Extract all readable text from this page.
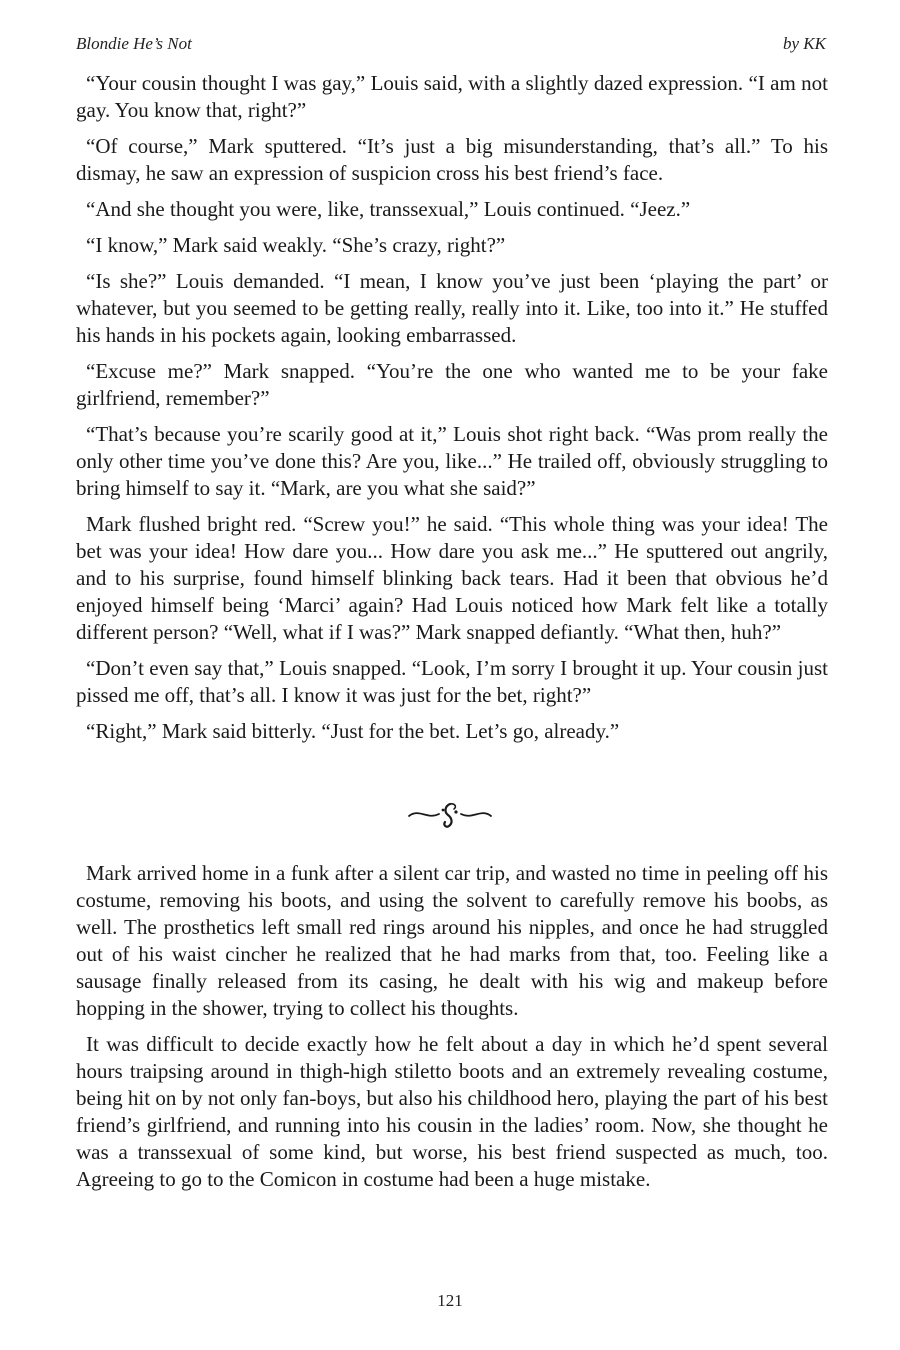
Blondie He’s Not	by KK

“Your cousin thought I was gay,” Louis said, with a slightly dazed expression. “I am not gay. You know that, right?”

“Of course,” Mark sputtered. “It’s just a big misunderstanding, that’s all.” To his dismay, he saw an expression of suspicion cross his best friend’s face.

“And she thought you were, like, transsexual,” Louis continued. “Jeez.”

“I know,” Mark said weakly. “She’s crazy, right?”

“Is she?” Louis demanded. “I mean, I know you’ve just been ‘playing the part’ or whatever, but you seemed to be getting really, really into it. Like, too into it.” He stuffed his hands in his pockets again, looking embarrassed.

“Excuse me?” Mark snapped. “You’re the one who wanted me to be your fake girlfriend, remember?”

“That’s because you’re scarily good at it,” Louis shot right back. “Was prom really the only other time you’ve done this? Are you, like...” He trailed off, obviously struggling to bring himself to say it. “Mark, are you what she said?”

Mark flushed bright red. “Screw you!” he said. “This whole thing was your idea! The bet was your idea! How dare you... How dare you ask me...” He sputtered out angrily, and to his surprise, found himself blinking back tears. Had it been that obvious he’d enjoyed himself being ‘Marci’ again? Had Louis noticed how Mark felt like a totally different person? “Well, what if I was?” Mark snapped defiantly. “What then, huh?”

“Don’t even say that,” Louis snapped. “Look, I’m sorry I brought it up. Your cousin just pissed me off, that’s all. I know it was just for the bet, right?”

“Right,” Mark said bitterly. “Just for the bet. Let’s go, already.”

Mark arrived home in a funk after a silent car trip, and wasted no time in peeling off his costume, removing his boots, and using the solvent to carefully remove his boobs, as well. The prosthetics left small red rings around his nipples, and once he had struggled out of his waist cincher he realized that he had marks from that, too. Feeling like a sausage finally released from its casing, he dealt with his wig and makeup before hopping in the shower, trying to collect his thoughts.

It was difficult to decide exactly how he felt about a day in which he’d spent several hours traipsing around in thigh-high stiletto boots and an extremely revealing costume, being hit on by not only fan-boys, but also his childhood hero, playing the part of his best friend’s girlfriend, and running into his cousin in the ladies’ room. Now, she thought he was a transsexual of some kind, but worse, his best friend suspected as much, too. Agreeing to go to the Comicon in costume had been a huge mistake.

121
